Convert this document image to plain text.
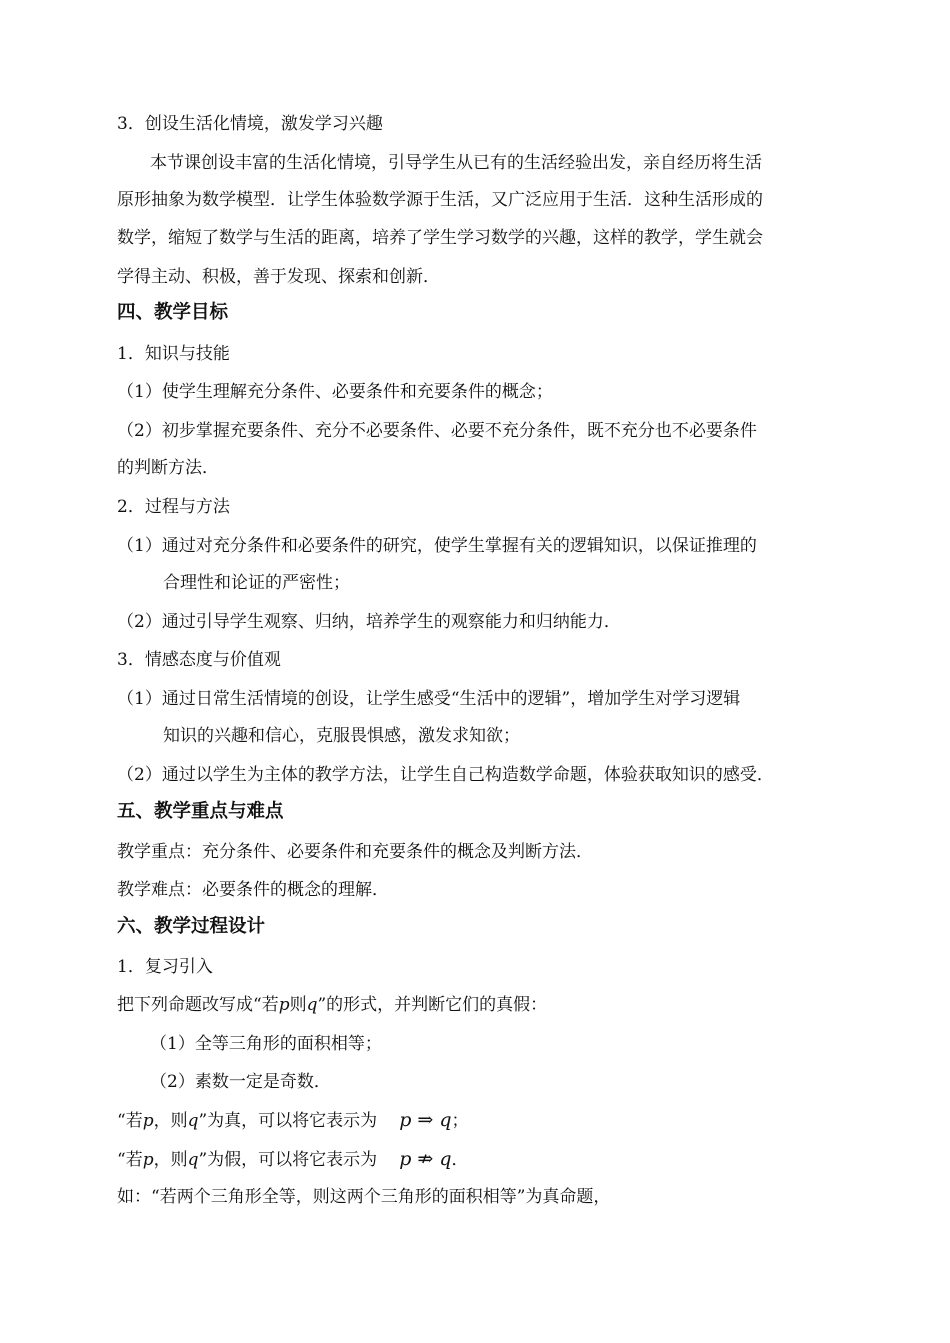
3．创设生活化情境，激发学习兴趣
本节课创设丰富的生活化情境，引导学生从已有的生活经验出发，亲自经历将生活
原形抽象为数学模型．让学生体验数学源于生活，又广泛应用于生活．这种生活形成的
数学，缩短了数学与生活的距离，培养了学生学习数学的兴趣，这样的教学，学生就会
学得主动、积极，善于发现、探索和创新．
四、教学目标
1．知识与技能
（1）使学生理解充分条件、必要条件和充要条件的概念；
（2）初步掌握充要条件、充分不必要条件、必要不充分条件，既不充分也不必要条件
的判断方法．
2．过程与方法
（1）通过对充分条件和必要条件的研究，使学生掌握有关的逻辑知识，以保证推理的
合理性和论证的严密性；
（2）通过引导学生观察、归纳，培养学生的观察能力和归纳能力．
3．情感态度与价值观
（1）通过日常生活情境的创设，让学生感受“生活中的逻辑”，增加学生对学习逻辑
知识的兴趣和信心，克服畏惧感，激发求知欲；
（2）通过以学生为主体的教学方法，让学生自己构造数学命题，体验获取知识的感受．
五、教学重点与难点
教学重点：充分条件、必要条件和充要条件的概念及判断方法．
教学难点：必要条件的概念的理解．
六、教学过程设计
1．复习引入
把下列命题改写成“若p则q”的形式，并判断它们的真假：
（1）全等三角形的面积相等；
（2）素数一定是奇数．
“若p，则q”为真，可以将它表示为 p ⇒ q；
“若p，则q”为假，可以将它表示为 p ⇏ q．
如：“若两个三角形全等，则这两个三角形的面积相等”为真命题，
